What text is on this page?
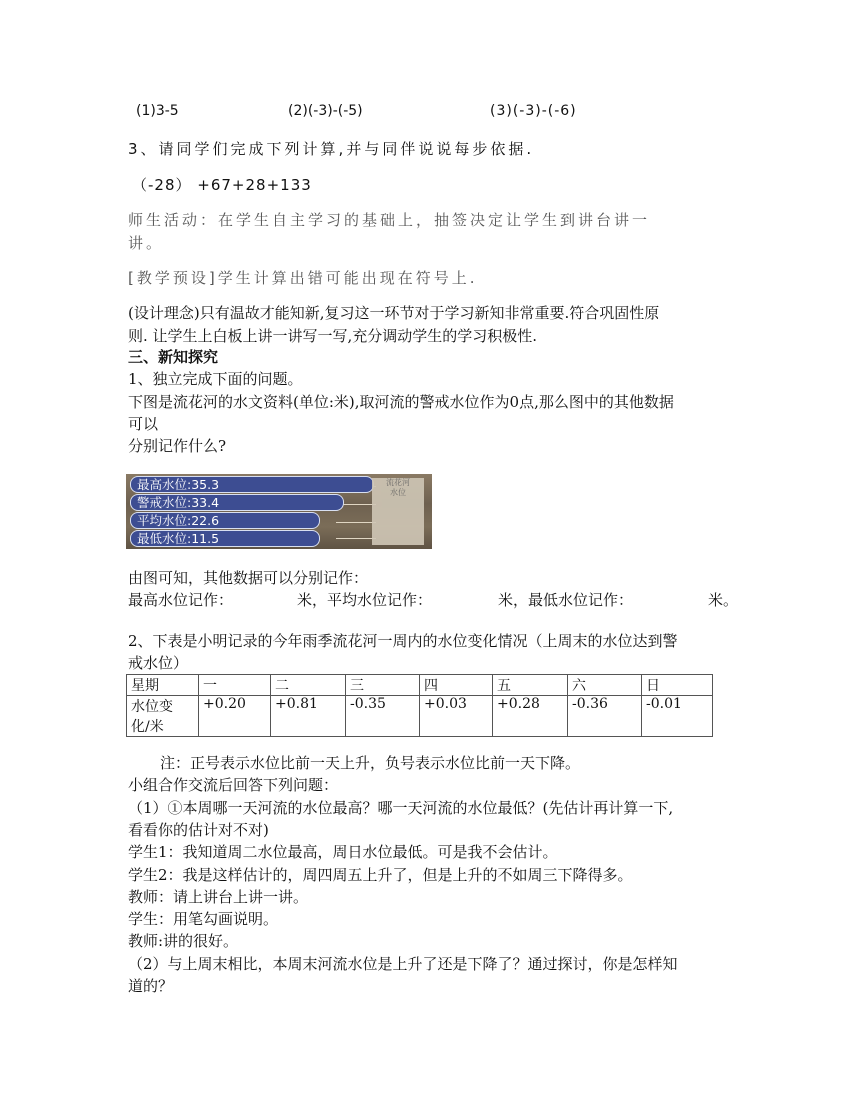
(1)3-5	(2)(-3)-(-5)	(3)(-3)-(-6)
3、请同学们完成下列计算,并与同伴说说每步依据.
（-28） +67+28+133
师生活动：在学生自主学习的基础上，抽签决定让学生到讲台讲一
讲。
[教学预设]学生计算出错可能出现在符号上.
(设计理念)只有温故才能知新,复习这一环节对于学习新知非常重要.符合巩固性原
则. 让学生上白板上讲一讲写一写,充分调动学生的学习积极性.
三、新知探究
1、独立完成下面的问题。
下图是流花河的水文资料(单位:米),取河流的警戒水位作为0点,那么图中的其他数据
可以
分别记作什么?
最高水位:35.3
警戒水位:33.4
平均水位:22.6
最低水位:11.5
流花河
水位
由图可知，其他数据可以分别记作：
最高水位记作：	米，平均水位记作：	米，最低水位记作：	米。
2、下表是小明记录的今年雨季流花河一周内的水位变化情况（上周末的水位达到警
戒水位）
星期	一	二	三	四	五	六	日
水位变
化/米	+0.20	+0.81	-0.35	+0.03	+0.28	-0.36	-0.01
注：正号表示水位比前一天上升，负号表示水位比前一天下降。
小组合作交流后回答下列问题：
（1）①本周哪一天河流的水位最高？哪一天河流的水位最低？(先估计再计算一下,
看看你的估计对不对)
学生1：我知道周二水位最高，周日水位最低。可是我不会估计。
学生2：我是这样估计的，周四周五上升了，但是上升的不如周三下降得多。
教师：请上讲台上讲一讲。
学生：用笔勾画说明。
教师:讲的很好。
（2）与上周末相比，本周末河流水位是上升了还是下降了？通过探讨，你是怎样知
道的？
